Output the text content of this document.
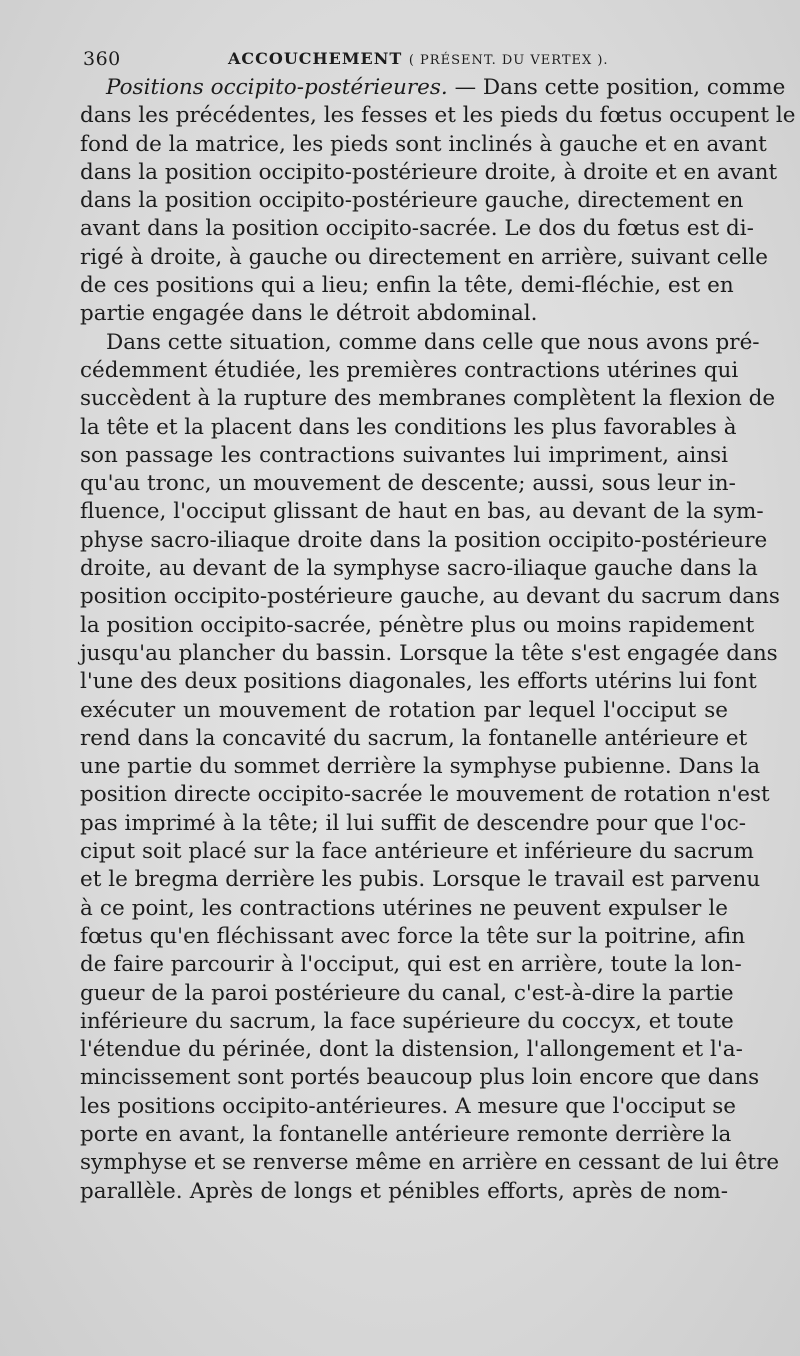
360	ACCOUCHEMENT ( PRÉSENT. DU VERTEX ).
Positions occipito-postérieures. — Dans cette position, comme
dans les précédentes, les fesses et les pieds du fœtus occupent le
fond de la matrice, les pieds sont inclinés à gauche et en avant
dans la position occipito-postérieure droite, à droite et en avant
dans la position occipito-postérieure gauche, directement en
avant dans la position occipito-sacrée. Le dos du fœtus est di-
rigé à droite, à gauche ou directement en arrière, suivant celle
de ces positions qui a lieu; enfin la tête, demi-fléchie, est en
partie engagée dans le détroit abdominal.
Dans cette situation, comme dans celle que nous avons pré-
cédemment étudiée, les premières contractions utérines qui
succèdent à la rupture des membranes complètent la flexion de
la tête et la placent dans les conditions les plus favorables à
son passage les contractions suivantes lui impriment, ainsi
qu'au tronc, un mouvement de descente; aussi, sous leur in-
fluence, l'occiput glissant de haut en bas, au devant de la sym-
physe sacro-iliaque droite dans la position occipito-postérieure
droite, au devant de la symphyse sacro-iliaque gauche dans la
position occipito-postérieure gauche, au devant du sacrum dans
la position occipito-sacrée, pénètre plus ou moins rapidement
jusqu'au plancher du bassin. Lorsque la tête s'est engagée dans
l'une des deux positions diagonales, les efforts utérins lui font
exécuter un mouvement de rotation par lequel l'occiput se
rend dans la concavité du sacrum, la fontanelle antérieure et
une partie du sommet derrière la symphyse pubienne. Dans la
position directe occipito-sacrée le mouvement de rotation n'est
pas imprimé à la tête; il lui suffit de descendre pour que l'oc-
ciput soit placé sur la face antérieure et inférieure du sacrum
et le bregma derrière les pubis. Lorsque le travail est parvenu
à ce point, les contractions utérines ne peuvent expulser le
fœtus qu'en fléchissant avec force la tête sur la poitrine, afin
de faire parcourir à l'occiput, qui est en arrière, toute la lon-
gueur de la paroi postérieure du canal, c'est-à-dire la partie
inférieure du sacrum, la face supérieure du coccyx, et toute
l'étendue du périnée, dont la distension, l'allongement et l'a-
mincissement sont portés beaucoup plus loin encore que dans
les positions occipito-antérieures. A mesure que l'occiput se
porte en avant, la fontanelle antérieure remonte derrière la
symphyse et se renverse même en arrière en cessant de lui être
parallèle. Après de longs et pénibles efforts, après de nom-
